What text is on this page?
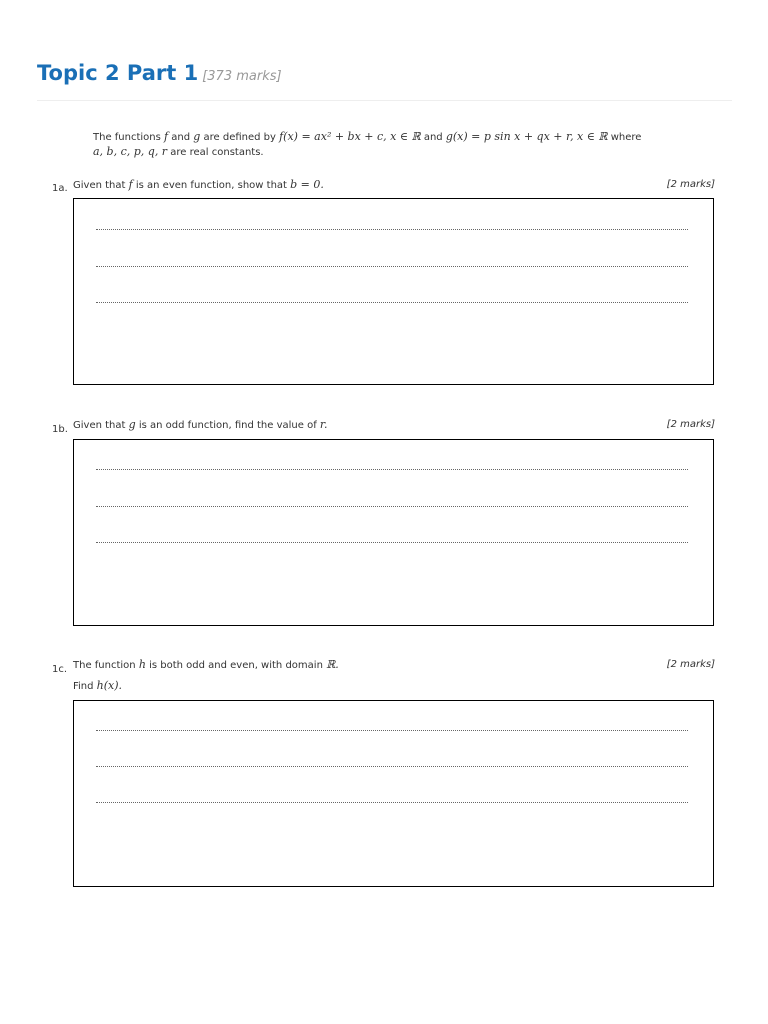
Topic 2 Part 1 [373 marks]
The functions f and g are defined by f(x) = ax² + bx + c, x ∈ ℝ and g(x) = p sin x + qx + r, x ∈ ℝ where
a, b, c, p, q, r are real constants.
1a. Given that f is an even function, show that b = 0.	[2 marks]
1b. Given that g is an odd function, find the value of r.	[2 marks]
1c. The function h is both odd and even, with domain ℝ.	[2 marks]
Find h(x).
